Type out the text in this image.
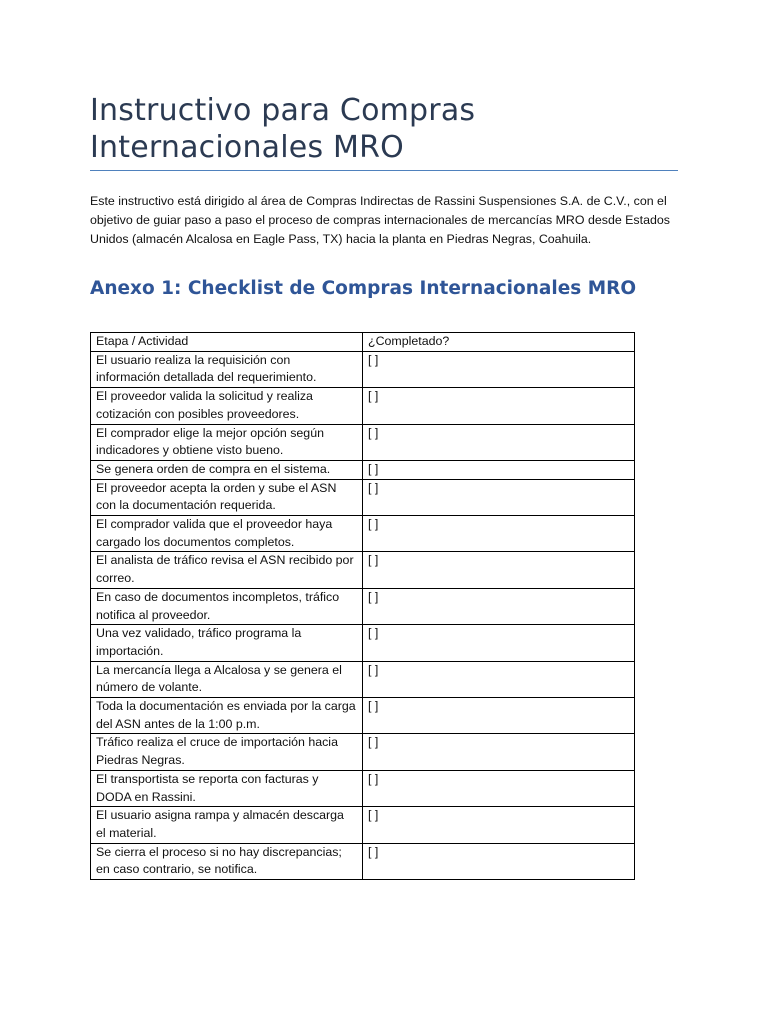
Instructivo para Compras Internacionales MRO

Este instructivo está dirigido al área de Compras Indirectas de Rassini Suspensiones S.A. de C.V., con el objetivo de guiar paso a paso el proceso de compras internacionales de mercancías MRO desde Estados Unidos (almacén Alcalosa en Eagle Pass, TX) hacia la planta en Piedras Negras, Coahuila.

Anexo 1: Checklist de Compras Internacionales MRO
Etapa / Actividad	¿Completado?
El usuario realiza la requisición con información detallada del requerimiento.	[ ]
El proveedor valida la solicitud y realiza cotización con posibles proveedores.	[ ]
El comprador elige la mejor opción según indicadores y obtiene visto bueno.	[ ]
Se genera orden de compra en el sistema.	[ ]
El proveedor acepta la orden y sube el ASN con la documentación requerida.	[ ]
El comprador valida que el proveedor haya cargado los documentos completos.	[ ]
El analista de tráfico revisa el ASN recibido por correo.	[ ]
En caso de documentos incompletos, tráfico notifica al proveedor.	[ ]
Una vez validado, tráfico programa la importación.	[ ]
La mercancía llega a Alcalosa y se genera el número de volante.	[ ]
Toda la documentación es enviada por la carga del ASN antes de la 1:00 p.m.	[ ]
Tráfico realiza el cruce de importación hacia Piedras Negras.	[ ]
El transportista se reporta con facturas y DODA en Rassini.	[ ]
El usuario asigna rampa y almacén descarga el material.	[ ]
Se cierra el proceso si no hay discrepancias; en caso contrario, se notifica.	[ ]
